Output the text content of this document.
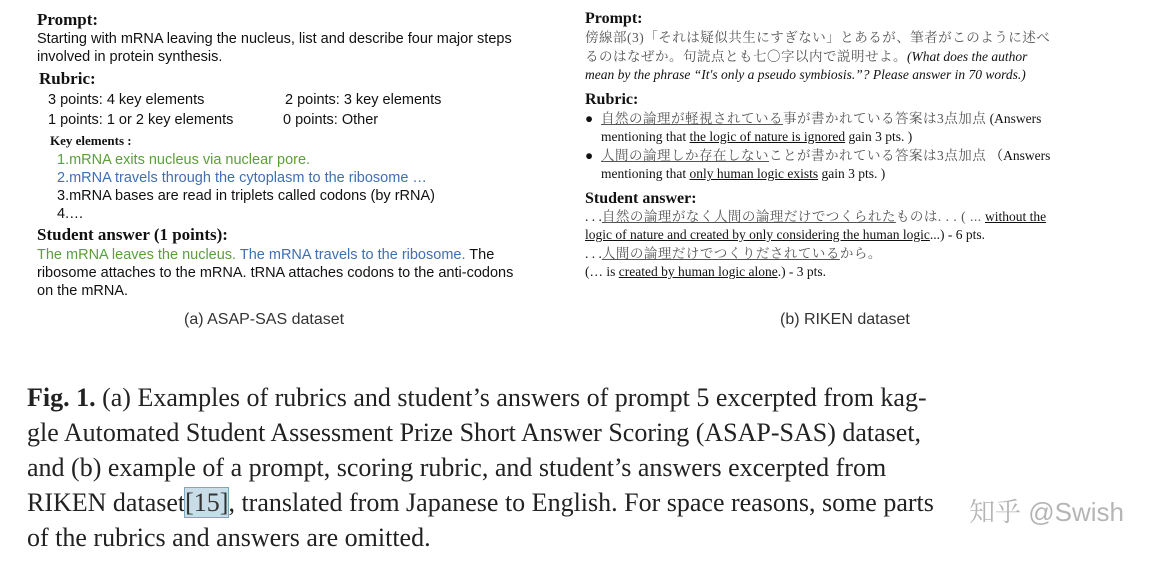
Prompt:
Starting with mRNA leaving the nucleus, list and describe four major steps
involved in protein synthesis.
Rubric:
3 points: 4 key elements	2 points: 3 key elements
1 points: 1 or 2 key elements	0 points: Other
Key elements :
1.mRNA exits nucleus via nuclear pore.
2.mRNA travels through the cytoplasm to the ribosome …
3.mRNA bases are read in triplets called codons (by rRNA)
4.…
Student answer (1 points):
The mRNA leaves the nucleus. The mRNA travels to the ribosome. The
ribosome attaches to the mRNA. tRNA attaches codons to the anti-codons
on the mRNA.
(a) ASAP-SAS dataset
Prompt:
傍線部(3)「それは疑似共生にすぎない」とあるが、筆者がこのように述べ
るのはなぜか。句読点とも七〇字以内で説明せよ。(What does the author
mean by the phrase “It's only a pseudo symbiosis.”? Please answer in 70 words.)
Rubric:
● 自然の論理が軽視されている事が書かれている答案は3点加点 (Answers
mentioning that the logic of nature is ignored gain 3 pts. )
● 人間の論理しか存在しないことが書かれている答案は3点加点 （Answers
mentioning that only human logic exists gain 3 pts. )
Student answer:
. . .自然の論理がなく人間の論理だけでつくられたものは. . . ( ... without the
logic of nature and created by only considering the human logic...) - 6 pts.
. . .人間の論理だけでつくりだされているから。
(… is created by human logic alone.) - 3 pts.
(b) RIKEN dataset
Fig. 1. (a) Examples of rubrics and student’s answers of prompt 5 excerpted from kag-
gle Automated Student Assessment Prize Short Answer Scoring (ASAP-SAS) dataset,
and (b) example of a prompt, scoring rubric, and student’s answers excerpted from
RIKEN dataset[15], translated from Japanese to English. For space reasons, some parts
of the rubrics and answers are omitted.
知乎 @Swish
